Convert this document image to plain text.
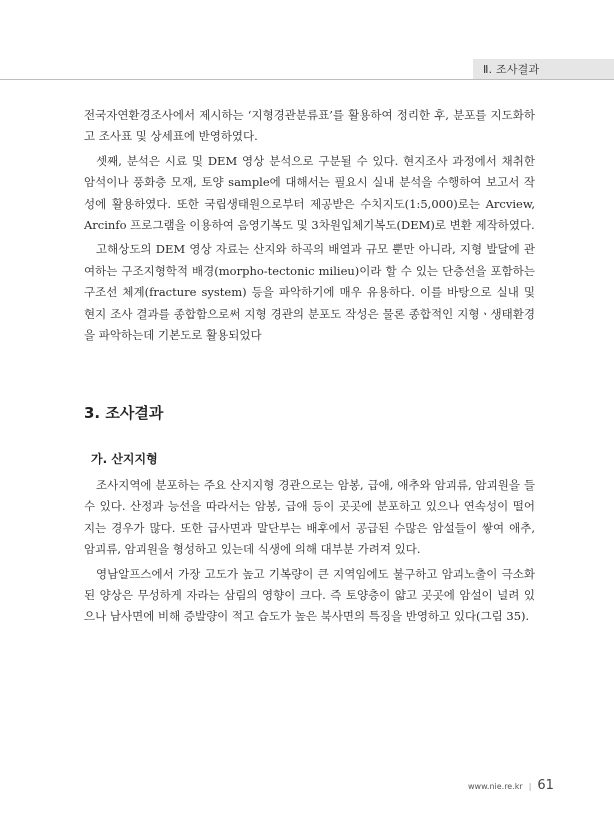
Ⅱ. 조사결과

전국자연환경조사에서 제시하는 ‘지형경관분류표’를 활용하여 정리한 후, 분포를 지도화하고 조사표 및 상세표에 반영하였다.

셋째, 분석은 시료 및 DEM 영상 분석으로 구분될 수 있다. 현지조사 과정에서 채취한 암석이나 풍화층 모재, 토양 sample에 대해서는 필요시 실내 분석을 수행하여 보고서 작성에 활용하였다. 또한 국립생태원으로부터 제공받은 수치지도(1:5,000)로는 Arcview, Arcinfo 프로그램을 이용하여 음영기복도 및 3차원입체기복도(DEM)로 변환 제작하였다.

고해상도의 DEM 영상 자료는 산지와 하곡의 배열과 규모 뿐만 아니라, 지형 발달에 관여하는 구조지형학적 배경(morpho-tectonic milieu)이라 할 수 있는 단층선을 포함하는 구조선 체계(fracture system) 등을 파악하기에 매우 유용하다. 이를 바탕으로 실내 및 현지 조사 결과를 종합함으로써 지형 경관의 분포도 작성은 물론 종합적인 지형ㆍ생태환경을 파악하는데 기본도로 활용되었다

3. 조사결과
가. 산지지형

조사지역에 분포하는 주요 산지지형 경관으로는 암봉, 급애, 애추와 암괴류, 암괴원을 들 수 있다. 산정과 능선을 따라서는 암봉, 급애 등이 곳곳에 분포하고 있으나 연속성이 떨어지는 경우가 많다. 또한 급사면과 말단부는 배후에서 공급된 수많은 암설들이 쌓여 애추, 암괴류, 암괴원을 형성하고 있는데 식생에 의해 대부분 가려져 있다.

영남알프스에서 가장 고도가 높고 기복량이 큰 지역임에도 불구하고 암괴노출이 극소화된 양상은 무성하게 자라는 삼림의 영향이 크다. 즉 토양층이 얇고 곳곳에 암설이 널려 있으나 남사면에 비해 증발량이 적고 습도가 높은 북사면의 특징을 반영하고 있다(그림 35).

www.nie.re.kr | 61
